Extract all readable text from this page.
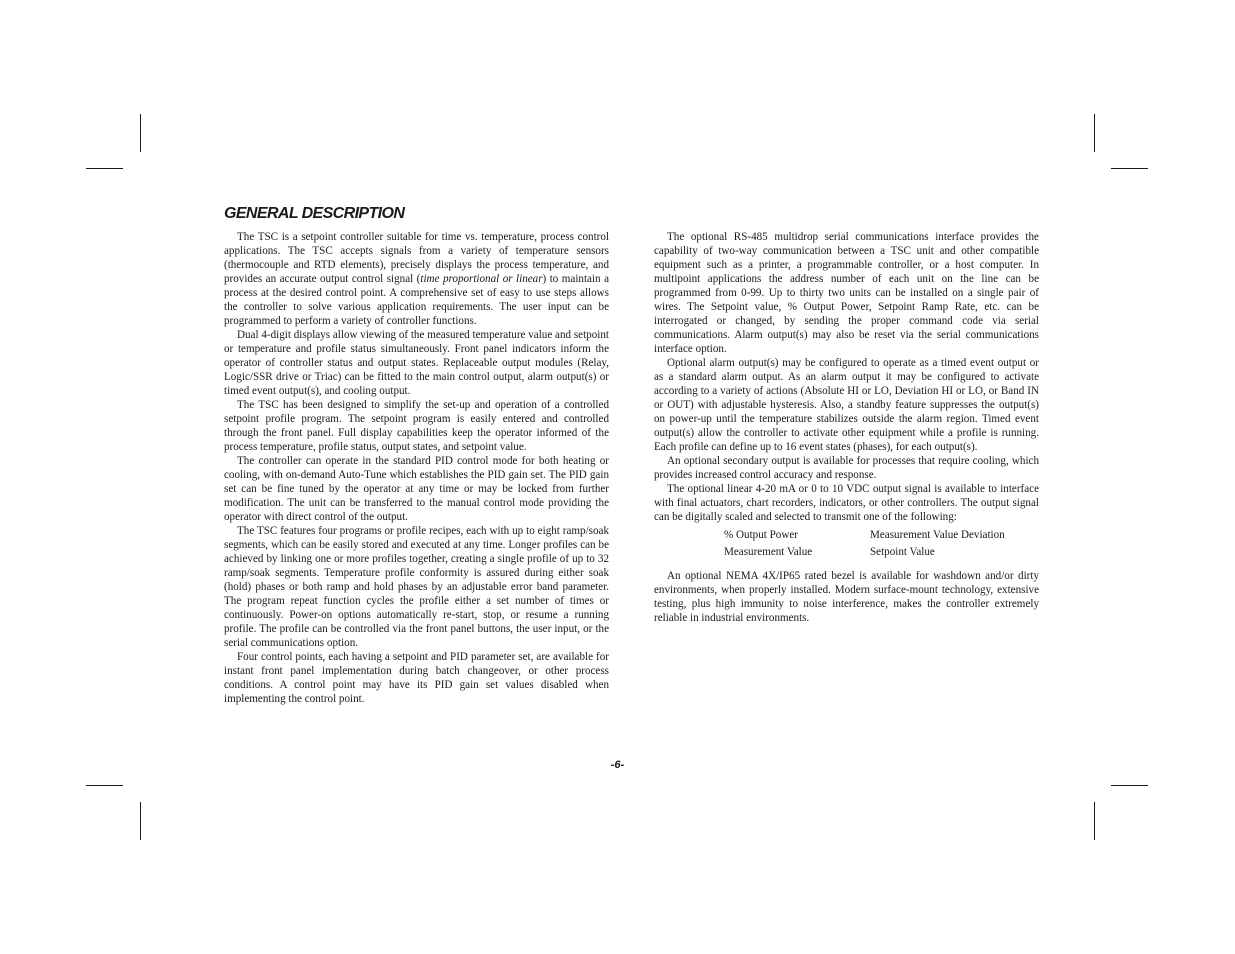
GENERAL DESCRIPTION

The TSC is a setpoint controller suitable for time vs. temperature, process control applications. The TSC accepts signals from a variety of temperature sensors (thermocouple and RTD elements), precisely displays the process temperature, and provides an accurate output control signal (time proportional or linear) to maintain a process at the desired control point. A comprehensive set of easy to use steps allows the controller to solve various application requirements. The user input can be programmed to perform a variety of controller functions.

Dual 4-digit displays allow viewing of the measured temperature value and setpoint or temperature and profile status simultaneously. Front panel indicators inform the operator of controller status and output states. Replaceable output modules (Relay, Logic/SSR drive or Triac) can be fitted to the main control output, alarm output(s) or timed event output(s), and cooling output.

The TSC has been designed to simplify the set-up and operation of a controlled setpoint profile program. The setpoint program is easily entered and controlled through the front panel. Full display capabilities keep the operator informed of the process temperature, profile status, output states, and setpoint value.

The controller can operate in the standard PID control mode for both heating or cooling, with on-demand Auto-Tune which establishes the PID gain set. The PID gain set can be fine tuned by the operator at any time or may be locked from further modification. The unit can be transferred to the manual control mode providing the operator with direct control of the output.

The TSC features four programs or profile recipes, each with up to eight ramp/soak segments, which can be easily stored and executed at any time. Longer profiles can be achieved by linking one or more profiles together, creating a single profile of up to 32 ramp/soak segments. Temperature profile conformity is assured during either soak (hold) phases or both ramp and hold phases by an adjustable error band parameter. The program repeat function cycles the profile either a set number of times or continuously. Power-on options automatically re-start, stop, or resume a running profile. The profile can be controlled via the front panel buttons, the user input, or the serial communications option.

Four control points, each having a setpoint and PID parameter set, are available for instant front panel implementation during batch changeover, or other process conditions. A control point may have its PID gain set values disabled when implementing the control point.

The optional RS-485 multidrop serial communications interface provides the capability of two-way communication between a TSC unit and other compatible equipment such as a printer, a programmable controller, or a host computer. In multipoint applications the address number of each unit on the line can be programmed from 0-99. Up to thirty two units can be installed on a single pair of wires. The Setpoint value, % Output Power, Setpoint Ramp Rate, etc. can be interrogated or changed, by sending the proper command code via serial communications. Alarm output(s) may also be reset via the serial communications interface option.

Optional alarm output(s) may be configured to operate as a timed event output or as a standard alarm output. As an alarm output it may be configured to activate according to a variety of actions (Absolute HI or LO, Deviation HI or LO, or Band IN or OUT) with adjustable hysteresis. Also, a standby feature suppresses the output(s) on power-up until the temperature stabilizes outside the alarm region. Timed event output(s) allow the controller to activate other equipment while a profile is running. Each profile can define up to 16 event states (phases), for each output(s).

An optional secondary output is available for processes that require cooling, which provides increased control accuracy and response.

The optional linear 4-20 mA or 0 to 10 VDC output signal is available to interface with final actuators, chart recorders, indicators, or other controllers. The output signal can be digitally scaled and selected to transmit one of the following:

% Output Power	Measurement Value Deviation
Measurement Value	Setpoint Value

An optional NEMA 4X/IP65 rated bezel is available for washdown and/or dirty environments, when properly installed. Modern surface-mount technology, extensive testing, plus high immunity to noise interference, makes the controller extremely reliable in industrial environments.

-6-
